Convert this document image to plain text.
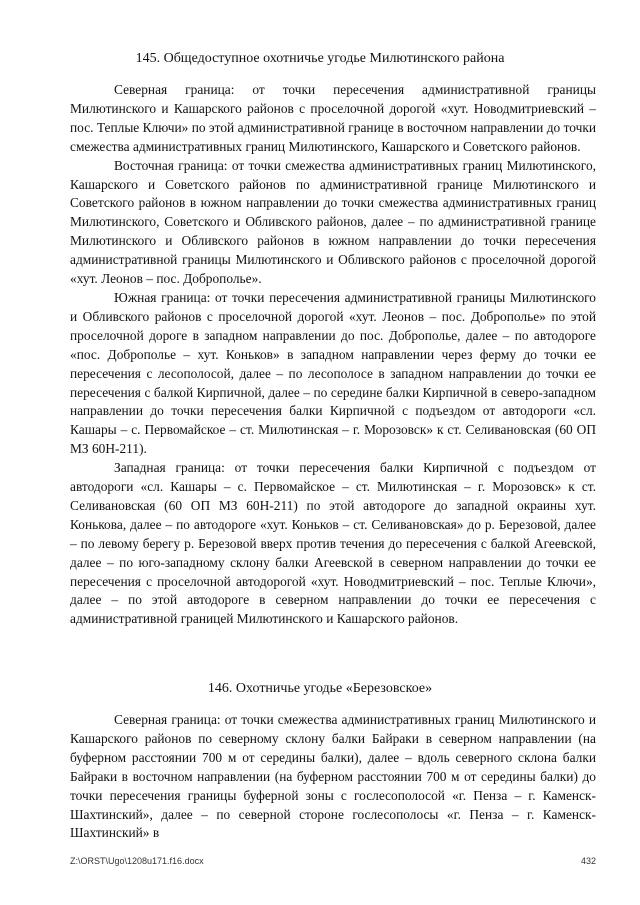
145. Общедоступное охотничье угодье Милютинского района

Северная граница: от точки пересечения административной границы Милютинского и Кашарского районов с проселочной дорогой «хут. Новодмитриевский – пос. Теплые Ключи» по этой административной границе в восточном направлении до точки смежества административных границ Милютинского, Кашарского и Советского районов.

Восточная граница: от точки смежества административных границ Милютинского, Кашарского и Советского районов по административной границе Милютинского и Советского районов в южном направлении до точки смежества административных границ Милютинского, Советского и Обливского районов, далее – по административной границе Милютинского и Обливского районов в южном направлении до точки пересечения административной границы Милютинского и Обливского районов с проселочной дорогой «хут. Леонов – пос. Доброполье».

Южная граница: от точки пересечения административной границы Милютинского и Обливского районов с проселочной дорогой «хут. Леонов – пос. Доброполье» по этой проселочной дороге в западном направлении до пос. Доброполье, далее – по автодороге «пос. Доброполье – хут. Коньков» в западном направлении через ферму до точки ее пересечения с лесополосой, далее – по лесополосе в западном направлении до точки ее пересечения с балкой Кирпичной, далее – по середине балки Кирпичной в северо-западном направлении до точки пересечения балки Кирпичной с подъездом от автодороги «сл. Кашары – с. Первомайское – ст. Милютинская – г. Морозовск» к ст. Селивановская (60 ОП МЗ 60Н-211).

Западная граница: от точки пересечения балки Кирпичной с подъездом от автодороги «сл. Кашары – с. Первомайское – ст. Милютинская – г. Морозовск» к ст. Селивановская (60 ОП МЗ 60Н-211) по этой автодороге до западной окраины хут. Конькова, далее – по автодороге «хут. Коньков – ст. Селивановская» до р. Березовой, далее – по левому берегу р. Березовой вверх против течения до пересечения с балкой Агеевской, далее – по юго-западному склону балки Агеевской в северном направлении до точки ее пересечения с проселочной автодорогой «хут. Новодмитриевский – пос. Теплые Ключи», далее – по этой автодороге в северном направлении до точки ее пересечения с административной границей Милютинского и Кашарского районов.

146. Охотничье угодье «Березовское»

Северная граница: от точки смежества административных границ Милютинского и Кашарского районов по северному склону балки Байраки в северном направлении (на буферном расстоянии 700 м от середины балки), далее – вдоль северного склона балки Байраки в восточном направлении (на буферном расстоянии 700 м от середины балки) до точки пересечения границы буферной зоны с гослесополосой «г. Пенза – г. Каменск-Шахтинский», далее – по северной стороне гослесополосы «г. Пенза – г. Каменск-Шахтинский» в

Z:\ORST\Ugo\1208u171.f16.docx	432
